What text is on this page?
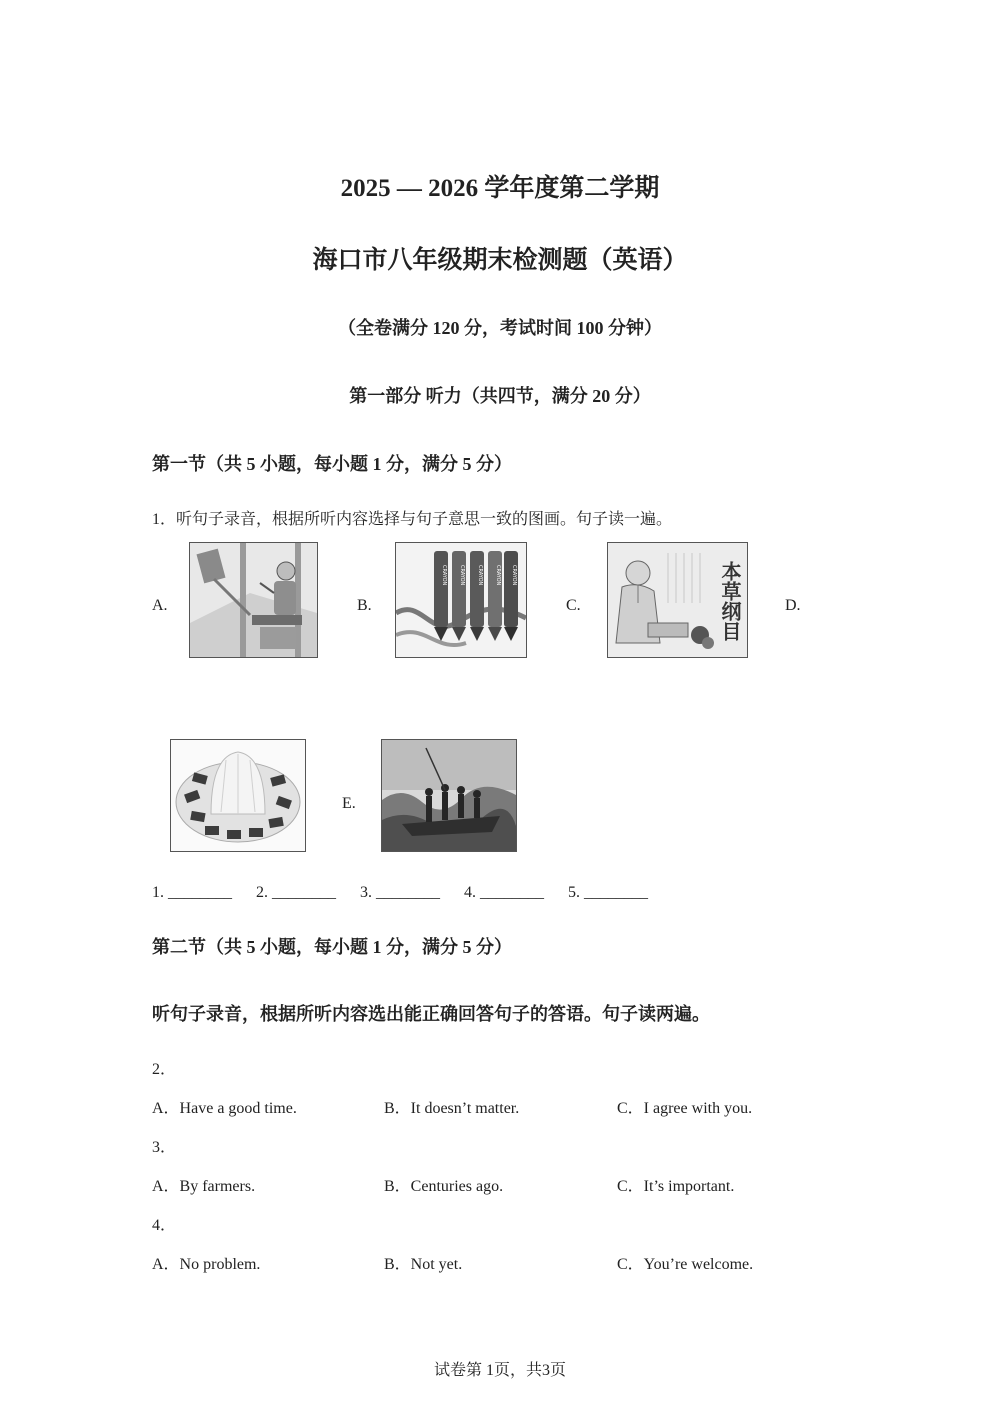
2025 — 2026 学年度第二学期
海口市八年级期末检测题（英语）
（全卷满分 120 分，考试时间 100 分钟）
第一部分 听力（共四节，满分 20 分）
第一节（共 5 小题，每小题 1 分，满分 5 分）
1．听句子录音，根据所听内容选择与句子意思一致的图画。句子读一遍。
A.	B.
CRAYON CRAYON CRAYON CRAYON CRAYON
C.	本草纲目	D.
E.
1. ________ 2. ________ 3. ________ 4. ________ 5. ________
第二节（共 5 小题，每小题 1 分，满分 5 分）
听句子录音，根据所听内容选出能正确回答句子的答语。句子读两遍。
2．
A．Have a good time.	B．It doesn’t matter.	C．I agree with you.
3．
A．By farmers.	B．Centuries ago.	C．It’s important.
4．
A．No problem.	B．Not yet.	C．You’re welcome.
试卷第 1页，共3页
